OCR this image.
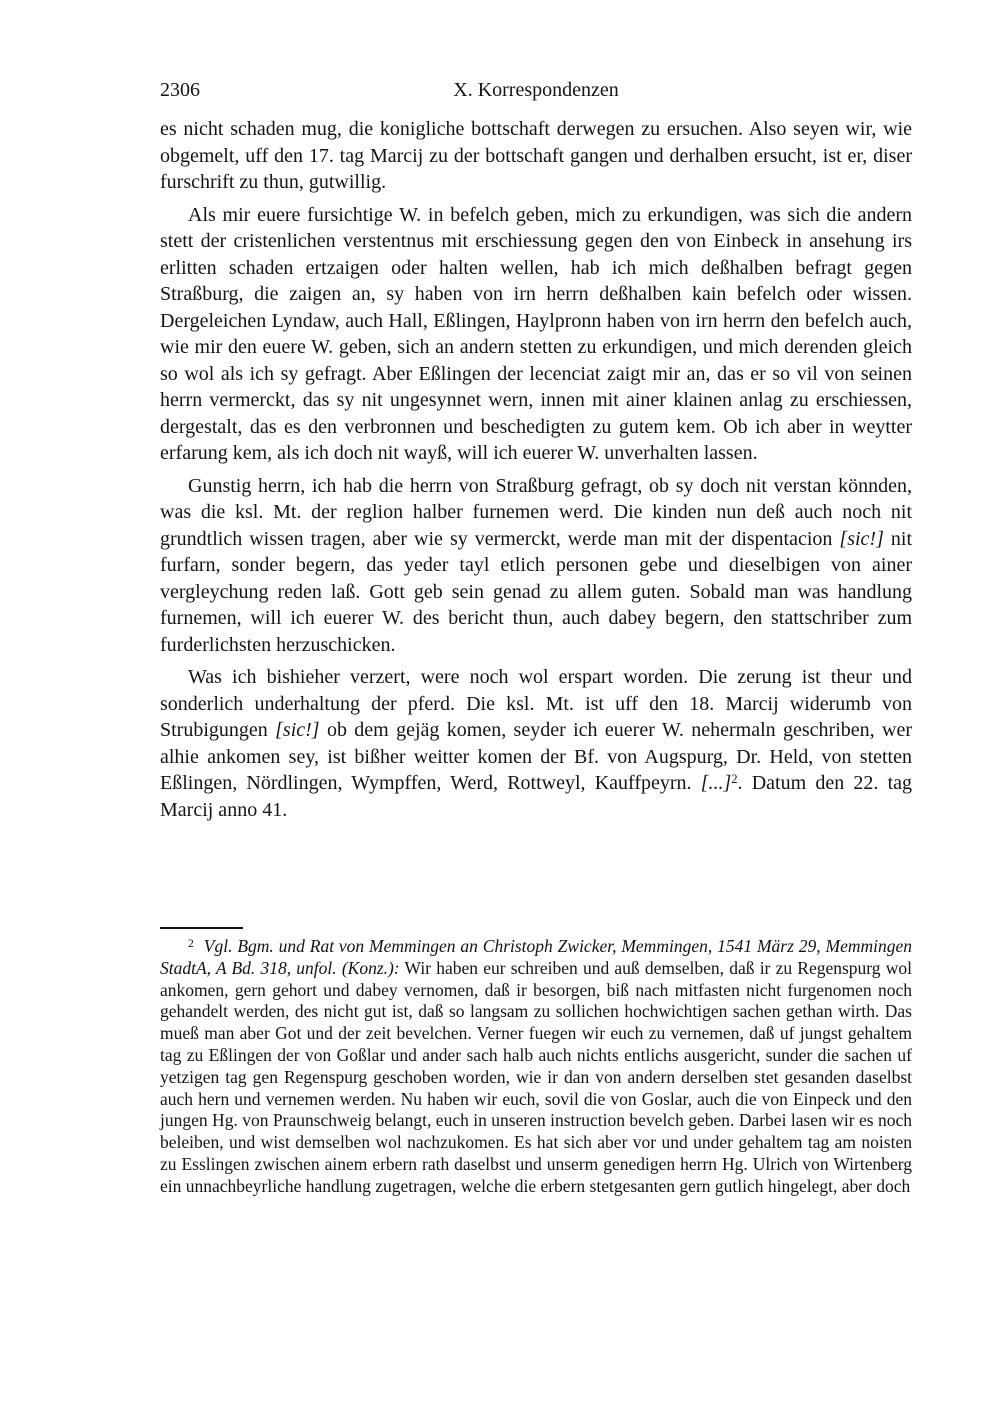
2306	X. Korrespondenzen

es nicht schaden mug, die konigliche bottschaft derwegen zu ersuchen. Also seyen wir, wie obgemelt, uff den 17. tag Marcij zu der bottschaft gangen und derhalben ersucht, ist er, diser furschrift zu thun, gutwillig.

Als mir euere fursichtige W. in befelch geben, mich zu erkundigen, was sich die andern stett der cristenlichen verstentnus mit erschiessung gegen den von Einbeck in ansehung irs erlitten schaden ertzaigen oder halten wellen, hab ich mich deßhalben befragt gegen Straßburg, die zaigen an, sy haben von irn herrn deßhalben kain befelch oder wissen. Dergeleichen Lyndaw, auch Hall, Eßlingen, Haylpronn haben von irn herrn den befelch auch, wie mir den euere W. geben, sich an andern stetten zu erkundigen, und mich derenden gleich so wol als ich sy gefragt. Aber Eßlingen der lecenciat zaigt mir an, das er so vil von seinen herrn vermerckt, das sy nit ungesynnet wern, innen mit ainer klainen anlag zu erschiessen, dergestalt, das es den verbronnen und beschedigten zu gutem kem. Ob ich aber in weytter erfarung kem, als ich doch nit wayß, will ich euerer W. unverhalten lassen.

Gunstig herrn, ich hab die herrn von Straßburg gefragt, ob sy doch nit verstan könnden, was die ksl. Mt. der reglion halber furnemen werd. Die kinden nun deß auch noch nit grundtlich wissen tragen, aber wie sy vermerckt, werde man mit der dispentacion [sic!] nit furfarn, sonder begern, das yeder tayl etlich personen gebe und dieselbigen von ainer vergleychung reden laß. Gott geb sein genad zu allem guten. Sobald man was handlung furnemen, will ich euerer W. des bericht thun, auch dabey begern, den stattschriber zum furderlichsten herzuschicken.

Was ich bishieher verzert, were noch wol erspart worden. Die zerung ist theur und sonderlich underhaltung der pferd. Die ksl. Mt. ist uff den 18. Marcij widerumb von Strubigungen [sic!] ob dem gejäg komen, seyder ich euerer W. nehermaln geschriben, wer alhie ankomen sey, ist bißher weitter komen der Bf. von Augspurg, Dr. Held, von stetten Eßlingen, Nördlingen, Wympffen, Werd, Rottweyl, Kauffpeyrn. [...]$^2$. Datum den 22. tag Marcij anno 41.

$^2$ Vgl. Bgm. und Rat von Memmingen an Christoph Zwicker, Memmingen, 1541 März 29, Memmingen StadtA, A Bd. 318, unfol. (Konz.): Wir haben eur schreiben und auß demselben, daß ir zu Regenspurg wol ankomen, gern gehort und dabey vernomen, daß ir besorgen, biß nach mitfasten nicht furgenomen noch gehandelt werden, des nicht gut ist, daß so langsam zu sollichen hochwichtigen sachen gethan wirth. Das mueß man aber Got und der zeit bevelchen. Verner fuegen wir euch zu vernemen, daß uf jungst gehaltem tag zu Eßlingen der von Goßlar und ander sach halb auch nichts entlichs ausgericht, sunder die sachen uf yetzigen tag gen Regenspurg geschoben worden, wie ir dan von andern derselben stet gesanden daselbst auch hern und vernemen werden. Nu haben wir euch, sovil die von Goslar, auch die von Einpeck und den jungen Hg. von Praunschweig belangt, euch in unseren instruction bevelch geben. Darbei lasen wir es noch beleiben, und wist demselben wol nachzukomen. Es hat sich aber vor und under gehaltem tag am noisten zu Esslingen zwischen ainem erbern rath daselbst und unserm genedigen herrn Hg. Ulrich von Wirtenberg ein unnachbeyrliche handlung zugetragen, welche die erbern stetgesanten gern gutlich hingelegt, aber doch
